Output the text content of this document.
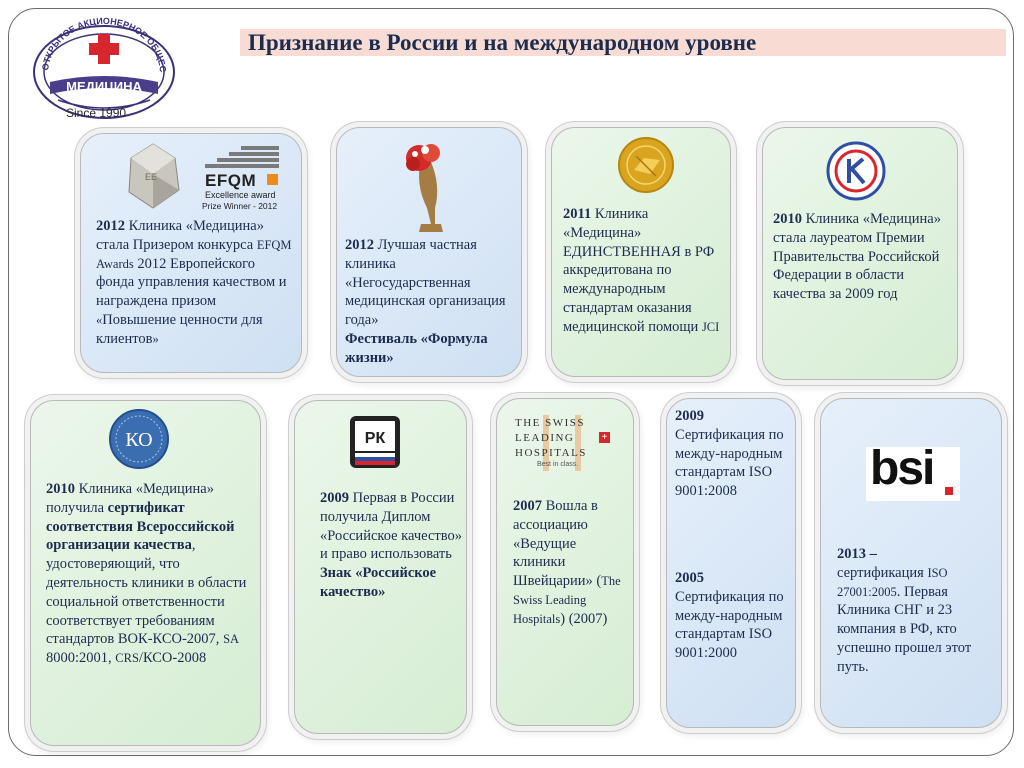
ОТКРЫТОЕ АКЦИОНЕРНОЕ ОБЩЕС
МЕДИЦИНА
Since 1990
Признание в России и на международном уровне
EE	EFQM
Excellence award
Prize Winner - 2012
2012 Клиника «Медицина» стала Призером конкурса EFQM Awards 2012 Европейского фонда управления качеством и награждена призом «Повышение ценности для клиентов»
2012 Лучшая частная клиника «Негосударственная медицинская организация года»
Фестиваль «Формула жизни»
2011 Клиника «Медицина» ЕДИНСТВЕННАЯ в РФ аккредитована по международным стандартам оказания медицинской помощи JCI
2010 Клиника «Медицина» стала лауреатом Премии Правительства Российской Федерации в области качества за 2009 год
КО
2010 Клиника «Медицина» получила сертификат соответствия Всероссийской организации качества, удостоверяющий, что деятельность клиники в области социальной ответственности соответствует требованиям стандартов ВОК-КСО-2007, SA 8000:2001, CRS/КСО-2008
РК
2009 Первая в России получила Диплом «Российское качество» и право использовать Знак «Российское качество»
THE SWISS
LEADING	+
HOSPITALS
Best in class.
2007 Вошла в ассоциацию «Ведущие клиники Швейцарии» (The Swiss Leading Hospitals) (2007)
2009
Сертификация по между-народным стандартам ISO 9001:2008
2005
Сертификация по между-народным стандартам ISO 9001:2000
bsi
2013 –
сертификация ISO 27001:2005. Первая Клиника СНГ и 23 компания в РФ, кто успешно прошел этот путь.
